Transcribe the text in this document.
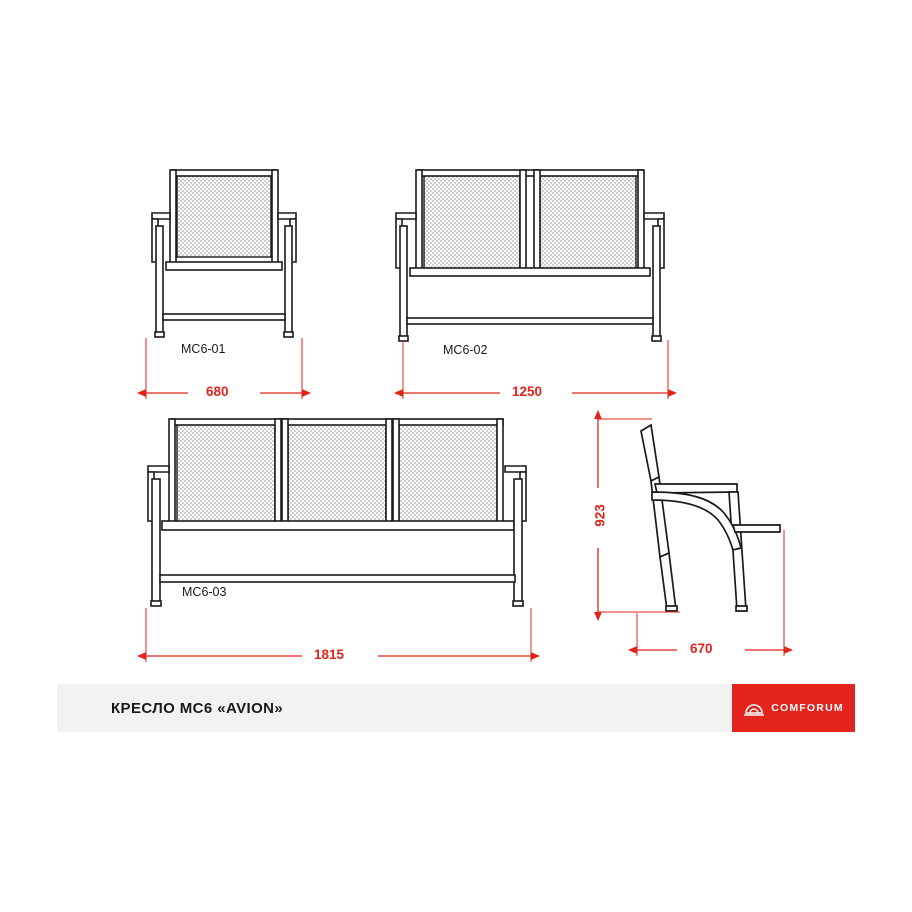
МС6-01	МС6-02
МС6-03
680	1250
1815
923
670
КРЕСЛО МС6 «AVION»	COMFORUM
